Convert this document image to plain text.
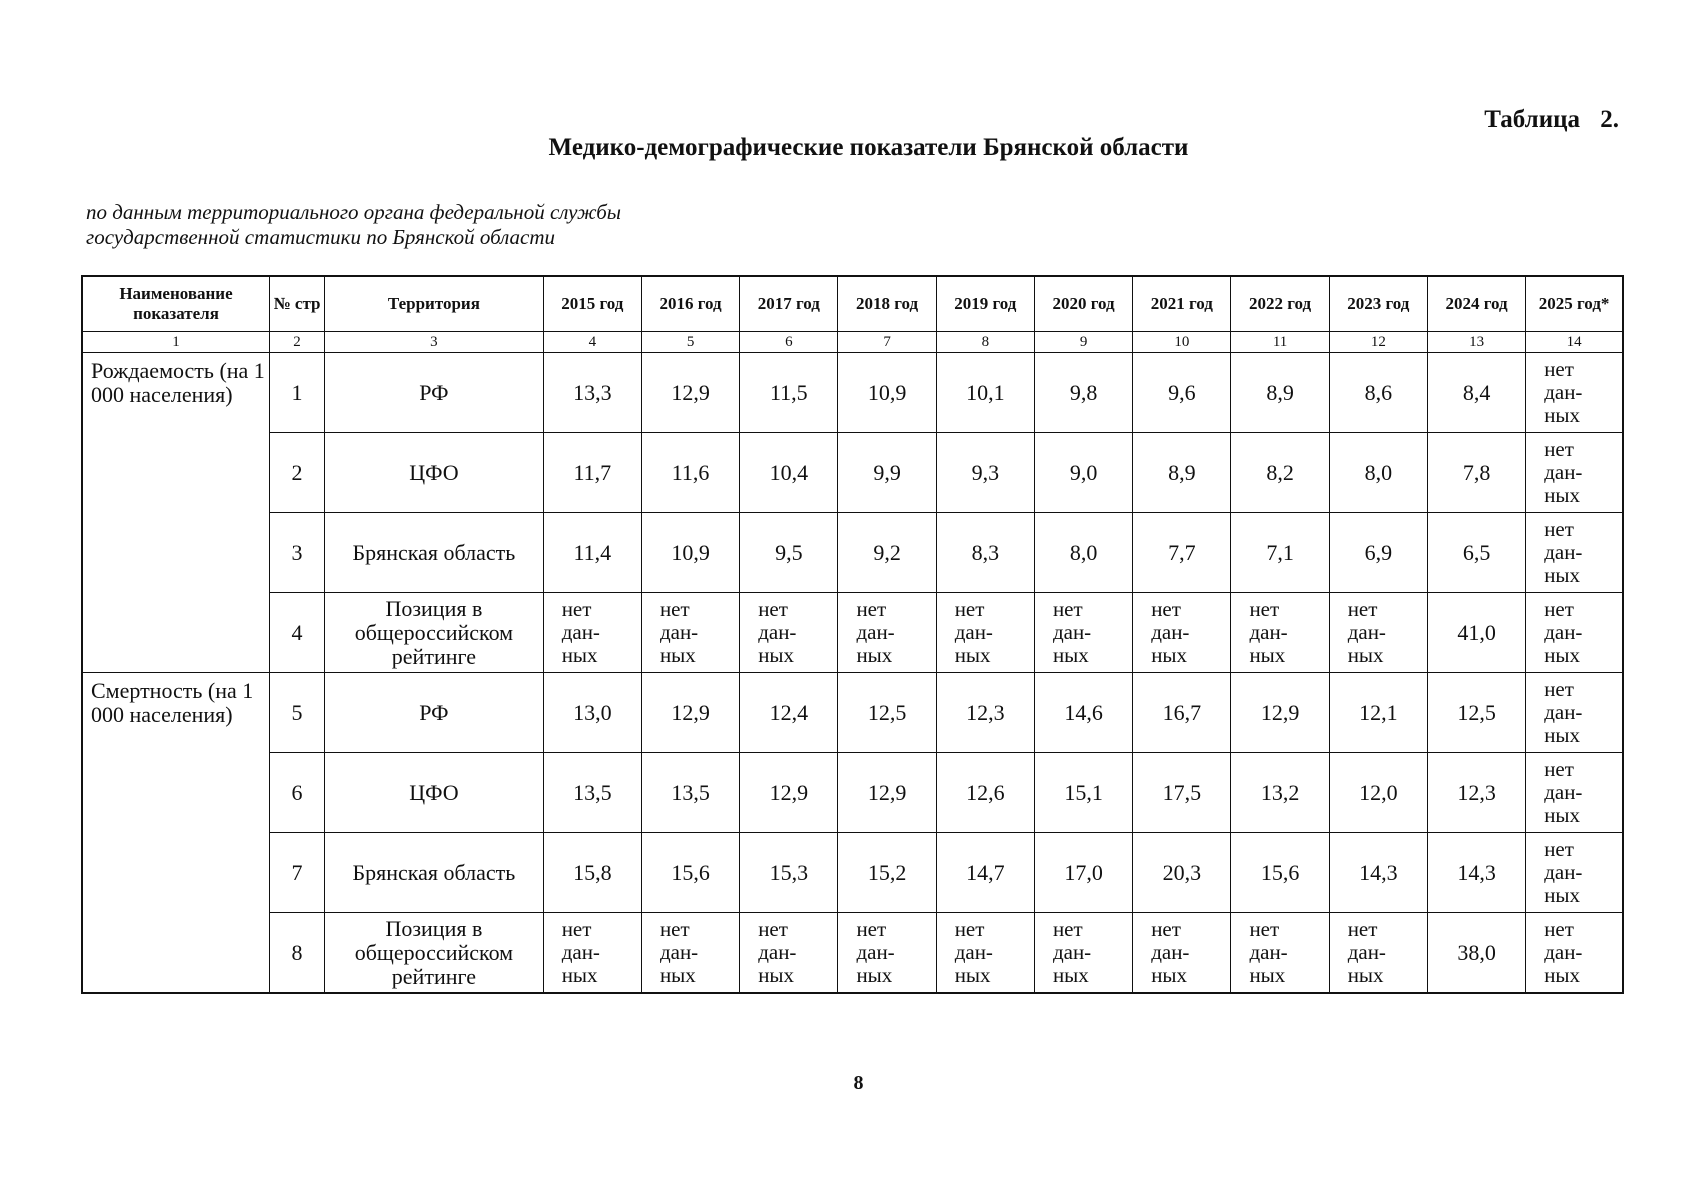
Таблица 2.
Медико-демографические показатели Брянской области
по данным территориального органа федеральной службы
государственной статистики по Брянской области
Наименование показателя	№ стр	Территория	2015 год	2016 год	2017 год	2018 год	2019 год	2020 год	2021 год	2022 год	2023 год	2024 год	2025 год*
1	2	3	4	5	6	7	8	9	10	11	12	13	14
Рождаемость (на 1 000 населения)	1	РФ	13,3	12,9	11,5	10,9	10,1	9,8	9,6	8,9	8,6	8,4	нет
дан-
ных
	2	ЦФО	11,7	11,6	10,4	9,9	9,3	9,0	8,9	8,2	8,0	7,8	нет
дан-
ных
	3	Брянская область	11,4	10,9	9,5	9,2	8,3	8,0	7,7	7,1	6,9	6,5	нет
дан-
ных
	4	Позиция в общероссийском рейтинге	нет
дан-
ных	нет
дан-
ных	нет
дан-
ных	нет
дан-
ных	нет
дан-
ных	нет
дан-
ных	нет
дан-
ных	нет
дан-
ных	нет
дан-
ных	41,0	нет
дан-
ных
Смертность (на 1 000 населения)	5	РФ	13,0	12,9	12,4	12,5	12,3	14,6	16,7	12,9	12,1	12,5	нет
дан-
ных
	6	ЦФО	13,5	13,5	12,9	12,9	12,6	15,1	17,5	13,2	12,0	12,3	нет
дан-
ных
	7	Брянская область	15,8	15,6	15,3	15,2	14,7	17,0	20,3	15,6	14,3	14,3	нет
дан-
ных
	8	Позиция в общероссийском рейтинге	нет
дан-
ных	нет
дан-
ных	нет
дан-
ных	нет
дан-
ных	нет
дан-
ных	нет
дан-
ных	нет
дан-
ных	нет
дан-
ных	нет
дан-
ных	38,0	нет
дан-
ных
8
